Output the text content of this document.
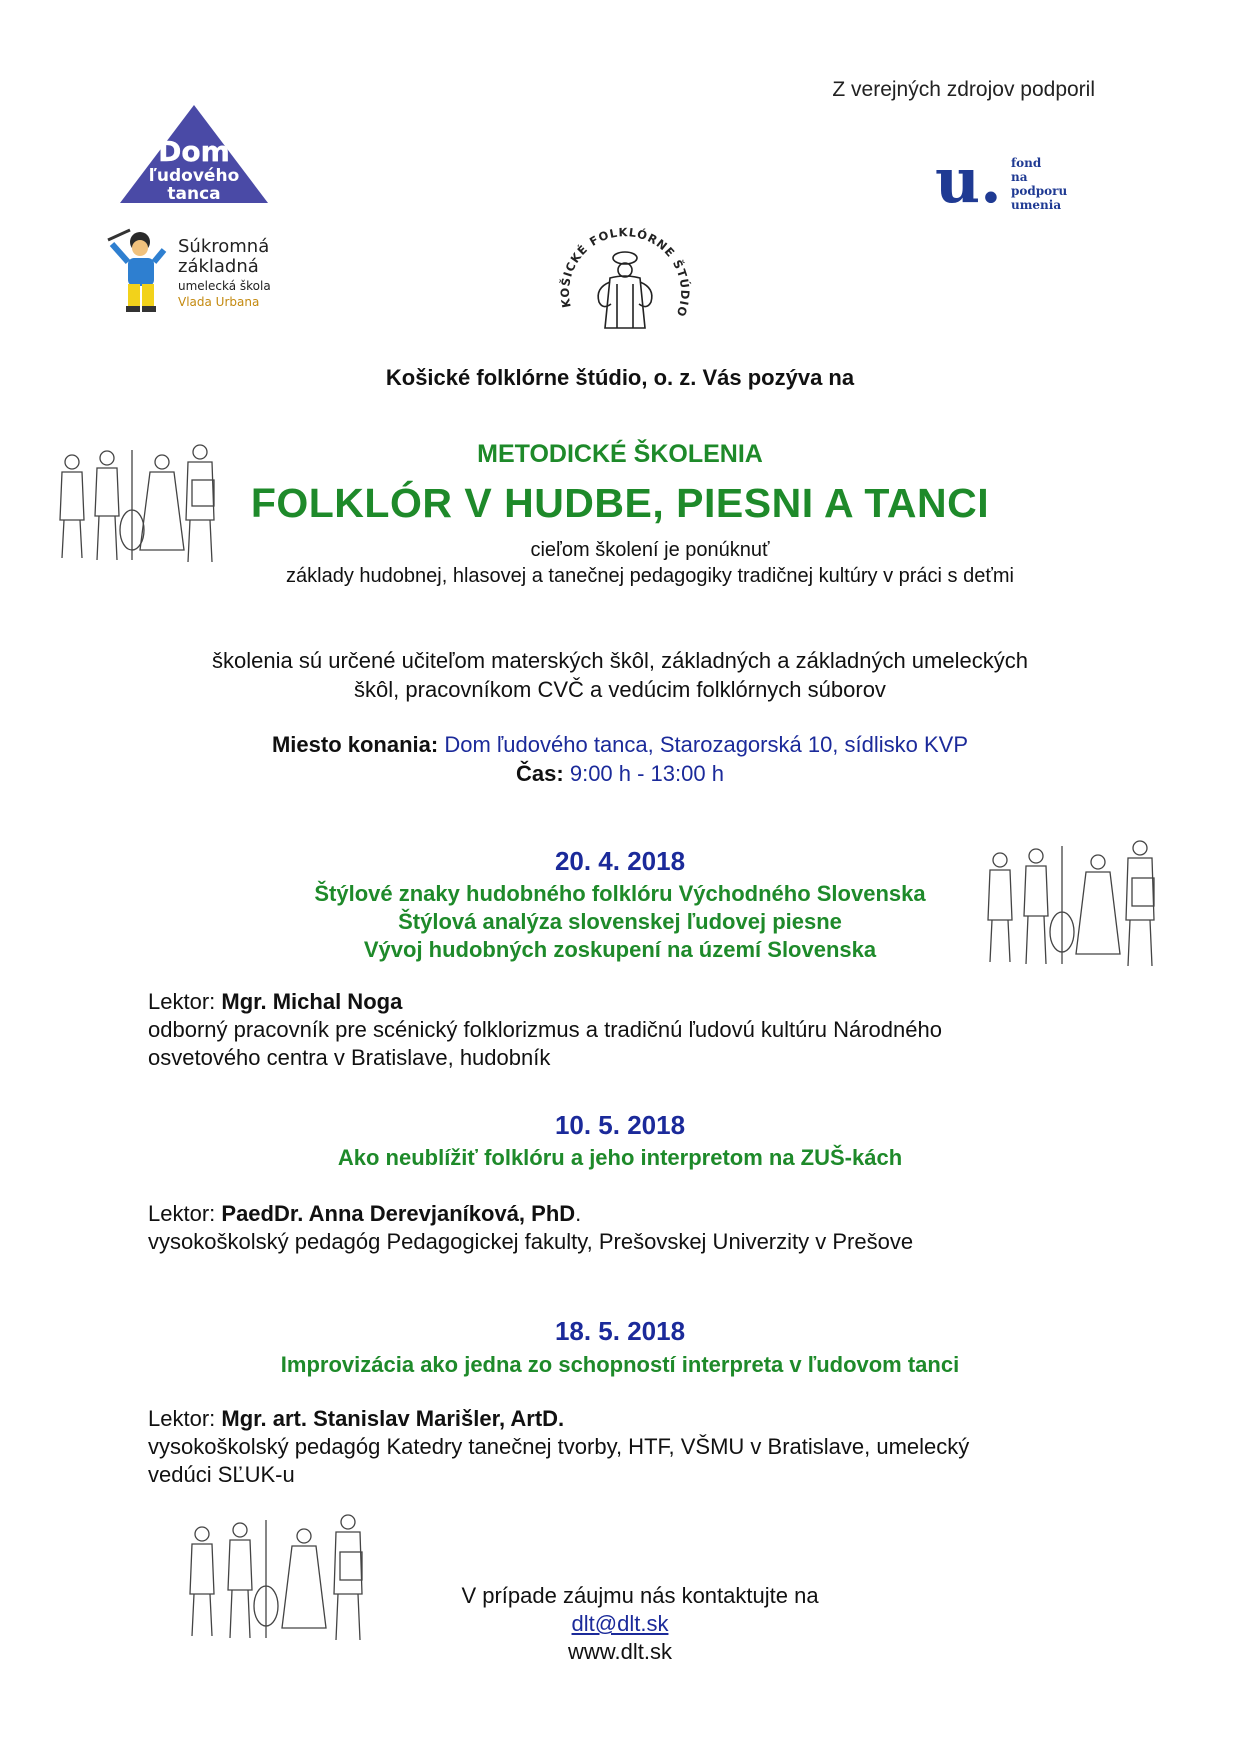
Z verejných zdrojov podporil
u. fond
na podporu
umenia
Dom
ľudového
tanca
Súkromná
základná
umelecká škola
Vlada Urbana	KOŠICKÉ FOLKLÓRNE ŠTÚDIO
Košické folklórne štúdio, o. z. Vás pozýva na
METODICKÉ ŠKOLENIA
FOLKLÓR V HUDBE, PIESNI A TANCI
cieľom školení je ponúknuť
základy hudobnej, hlasovej a tanečnej pedagogiky tradičnej kultúry v práci s deťmi
školenia sú určené učiteľom materských škôl, základných a základných umeleckých
škôl, pracovníkom CVČ a vedúcim folklórnych súborov
Miesto konania: Dom ľudového tanca, Starozagorská 10, sídlisko KVP
Čas: 9:00 h - 13:00 h
20. 4. 2018
Štýlové znaky hudobného folklóru Východného Slovenska
Štýlová analýza slovenskej ľudovej piesne
Vývoj hudobných zoskupení na území Slovenska
Lektor: Mgr. Michal Noga
odborný pracovník pre scénický folklorizmus a tradičnú ľudovú kultúru Národného
osvetového centra v Bratislave, hudobník
10. 5. 2018
Ako neublížiť folklóru a jeho interpretom na ZUŠ-kách
Lektor: PaedDr. Anna Derevjaníková, PhD.
vysokoškolský pedagóg Pedagogickej fakulty, Prešovskej Univerzity v Prešove
18. 5. 2018
Improvizácia ako jedna zo schopností interpreta v ľudovom tanci
Lektor: Mgr. art. Stanislav Marišler, ArtD.
vysokoškolský pedagóg Katedry tanečnej tvorby, HTF, VŠMU v Bratislave, umelecký
vedúci SĽUK-u
V prípade záujmu nás kontaktujte na
dlt@dlt.sk
www.dlt.sk
